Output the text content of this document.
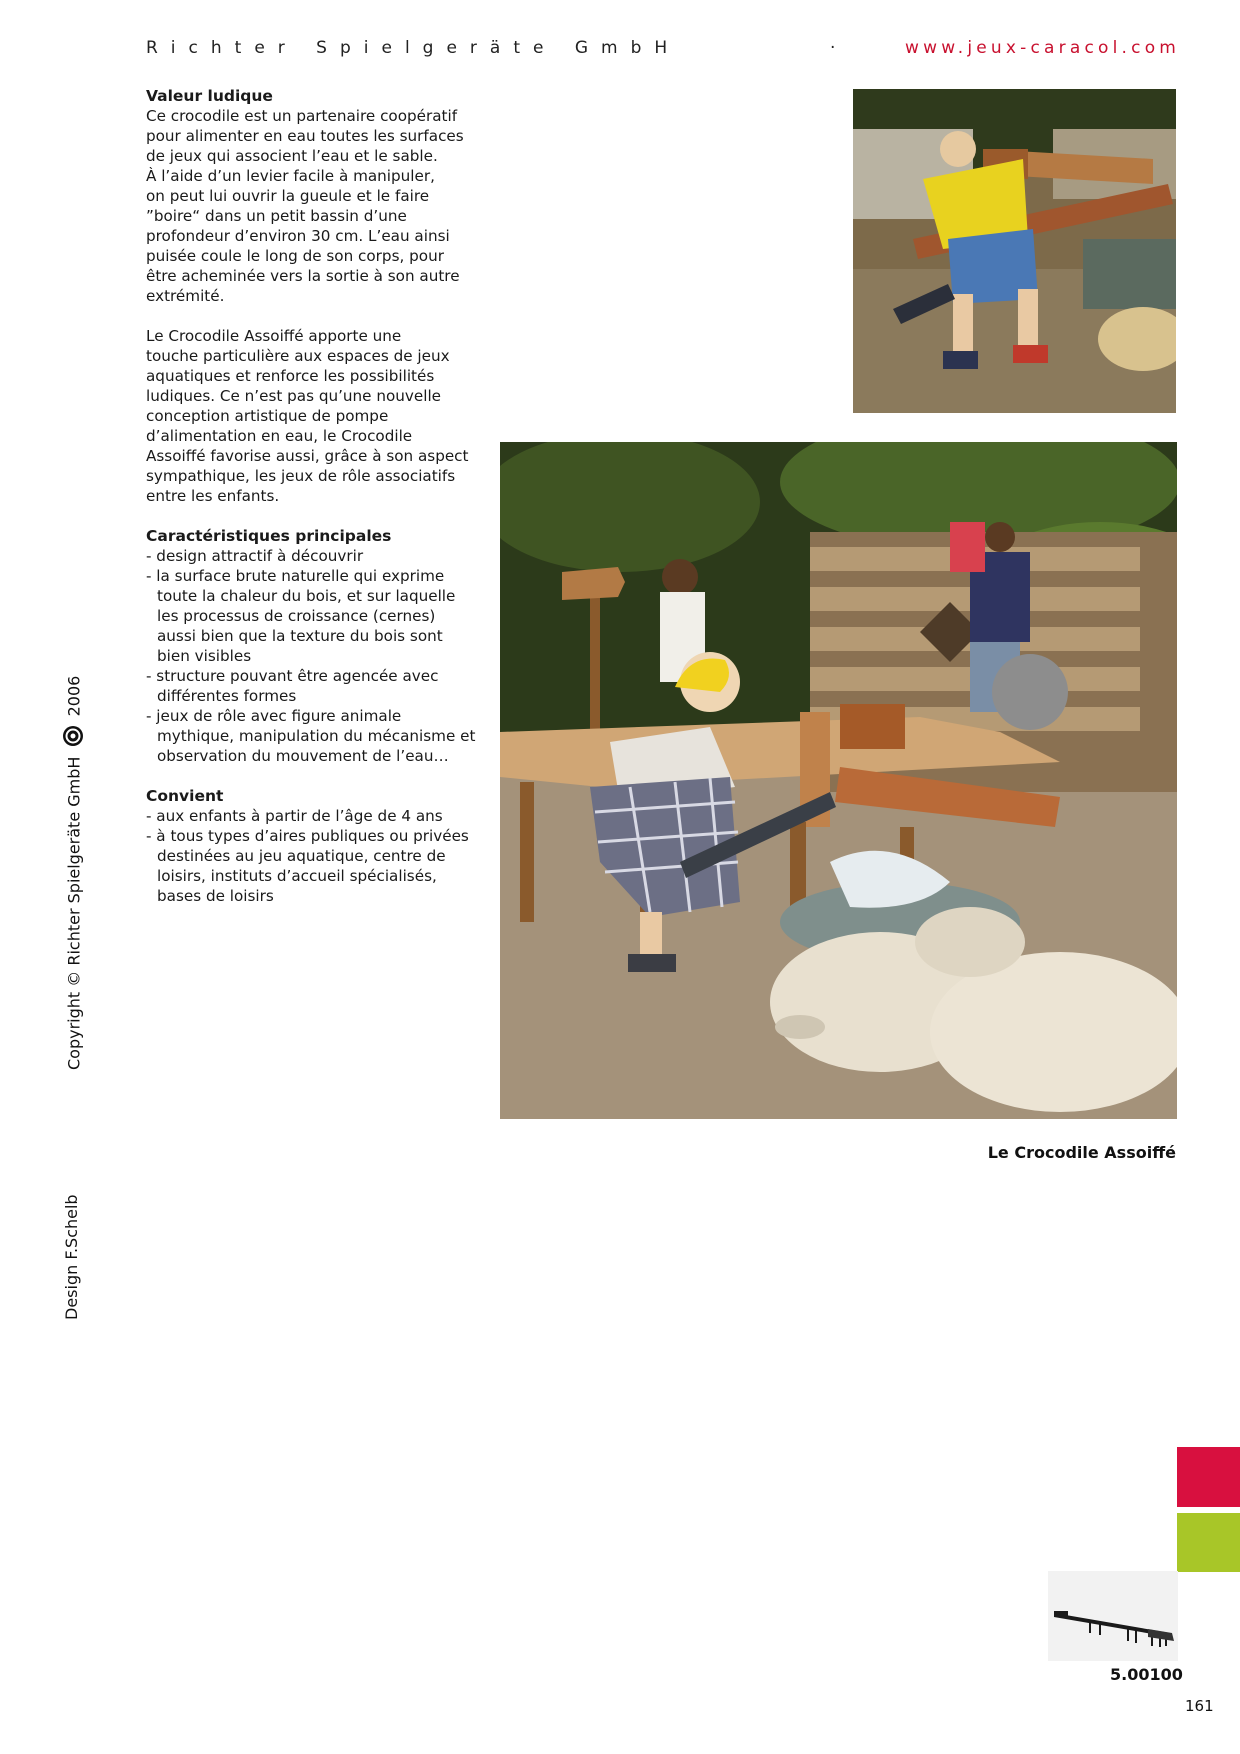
Richter Spielgeräte GmbH	·	www.jeux-caracol.com
Valeur ludique

Ce crocodile est un partenaire coopératif
pour alimenter en eau toutes les surfaces
de jeux qui associent l’eau et le sable.
À l’aide d’un levier facile à manipuler,
on peut lui ouvrir la gueule et le faire
”boire“ dans un petit bassin d’une
profondeur d’environ 30 cm. L’eau ainsi
puisée coule le long de son corps, pour
être acheminée vers la sortie à son autre
extrémité.

Le Crocodile Assoiffé apporte une
touche particulière aux espaces de jeux
aquatiques et renforce les possibilités
ludiques. Ce n’est pas qu’une nouvelle
conception artistique de pompe
d’alimentation en eau, le Crocodile
Assoiffé favorise aussi, grâce à son aspect
sympathique, les jeux de rôle associatifs
entre les enfants.

Caractéristiques principales
- design attractif à découvrir
- la surface brute naturelle qui exprime toute la chaleur du bois, et sur laquelle les processus de croissance (cernes) aussi bien que la texture du bois sont bien visibles
- structure pouvant être agencée avec différentes formes
- jeux de rôle avec figure animale mythique, manipulation du mécanisme et observation du mouvement de l’eau…
Convient
- aux enfants à partir de l’âge de 4 ans
- à tous types d’aires publiques ou privées destinées au jeu aquatique, centre de loisirs, instituts d’accueil spécialisés, bases de loisirs
Le Crocodile Assoiffé
Copyright © Richter Spielgeräte GmbH  2006
Design F.Schelb
5.00100
161
